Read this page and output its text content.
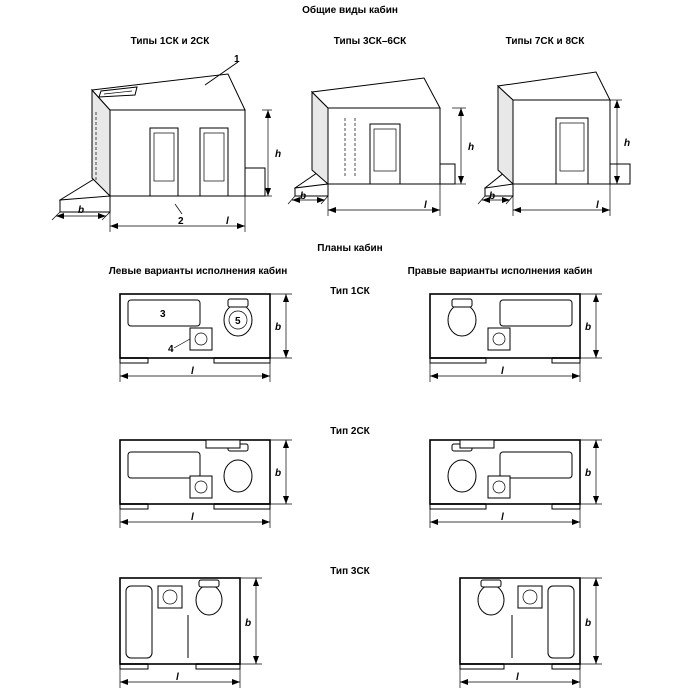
Общие виды кабин
Типы 1СК и 2СК	Типы 3СК–6СК	Типы 7СК и 8СК
Планы кабин
Левые варианты исполнения кабин	Правые варианты исполнения кабин
Тип 1СК
Тип 2СК
Тип 3СК
1
2
h
b
l
h
l
b
h
l
b
b
l
3
4
5
b
l
b
l
b
l
b
l
b
l
